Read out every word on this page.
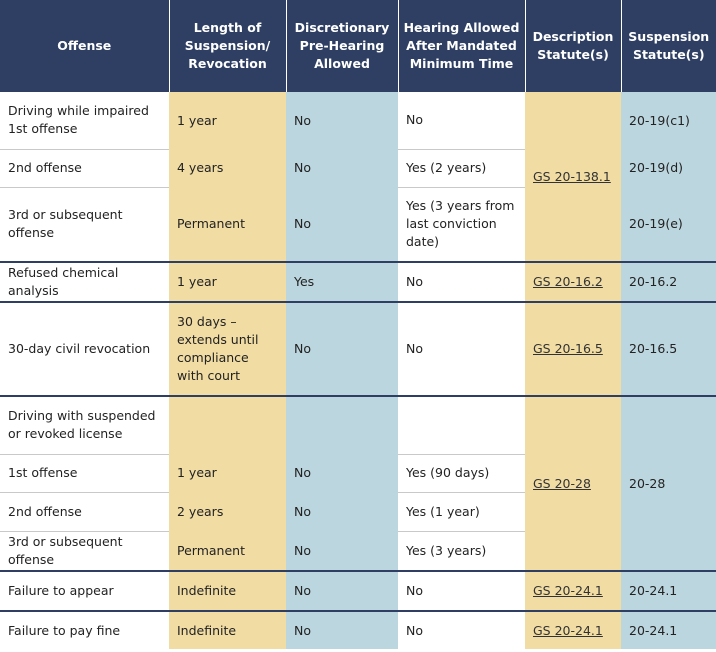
Offense	Length of Suspension/ Revocation	Discretionary Pre-Hearing Allowed	Hearing Allowed After Mandated Minimum Time	Description Statute(s)	Suspension Statute(s)
Driving while impaired 1st offense	1 year	No	No	GS 20-138.1	20-19(c1)
2nd offense	4 years	No	Yes (2 years)		20-19(d)
3rd or subsequent offense	Permanent	No	Yes (3 years from last conviction date)		20-19(e)
Refused chemical analysis	1 year	Yes	No	GS 20-16.2	20-16.2
30-day civil revocation	30 days – extends until compliance with court	No	No	GS 20-16.5	20-16.5
Driving with suspended or revoked license				GS 20-28	20-28
1st offense	1 year	No	Yes (90 days)		
2nd offense	2 years	No	Yes (1 year)		
3rd or subsequent offense	Permanent	No	Yes (3 years)		
Failure to appear	Indefinite	No	No	GS 20-24.1	20-24.1
Failure to pay fine	Indefinite	No	No	GS 20-24.1	20-24.1
